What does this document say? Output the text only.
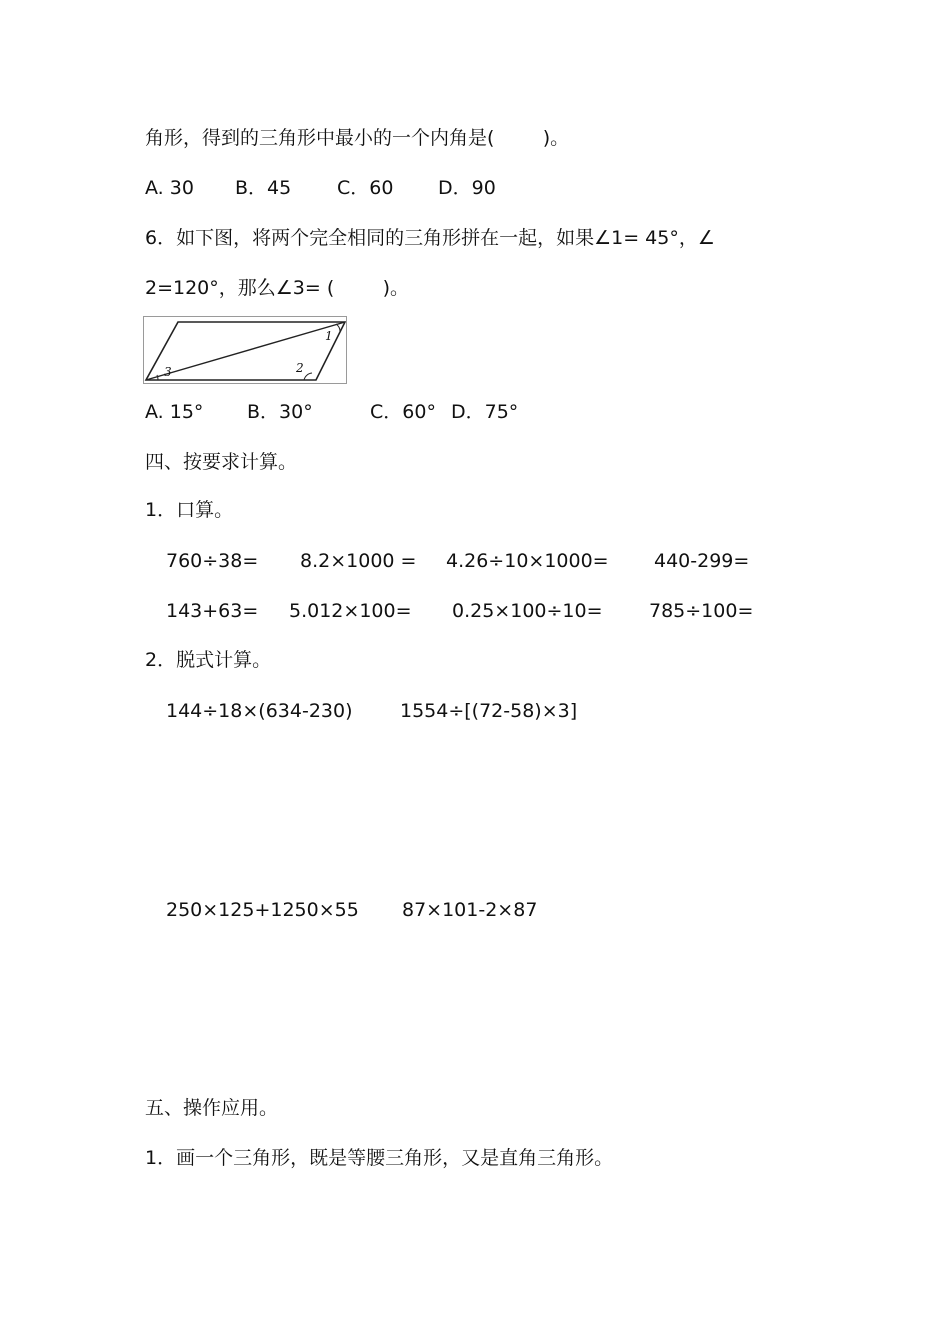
角形，得到的三角形中最小的一个内角是(        )。
A. 30 B．45 C．60 D．90
6．如下图，将两个完全相同的三角形拼在一起，如果∠1= 45°，∠
2=120°，那么∠3= (        )。
1
2
3
A. 15° B．30°	C．60° D．75°
四、按要求计算。
1．口算。
760÷38= 8.2×1000 = 4.26÷10×1000= 440-299=
143+63= 5.012×100= 0.25×100÷10= 785÷100=
2．脱式计算。
144÷18×(634-230)	1554÷[(72-58)×3]
250×125+1250×55 87×101-2×87
五、操作应用。
1．画一个三角形，既是等腰三角形，又是直角三角形。
